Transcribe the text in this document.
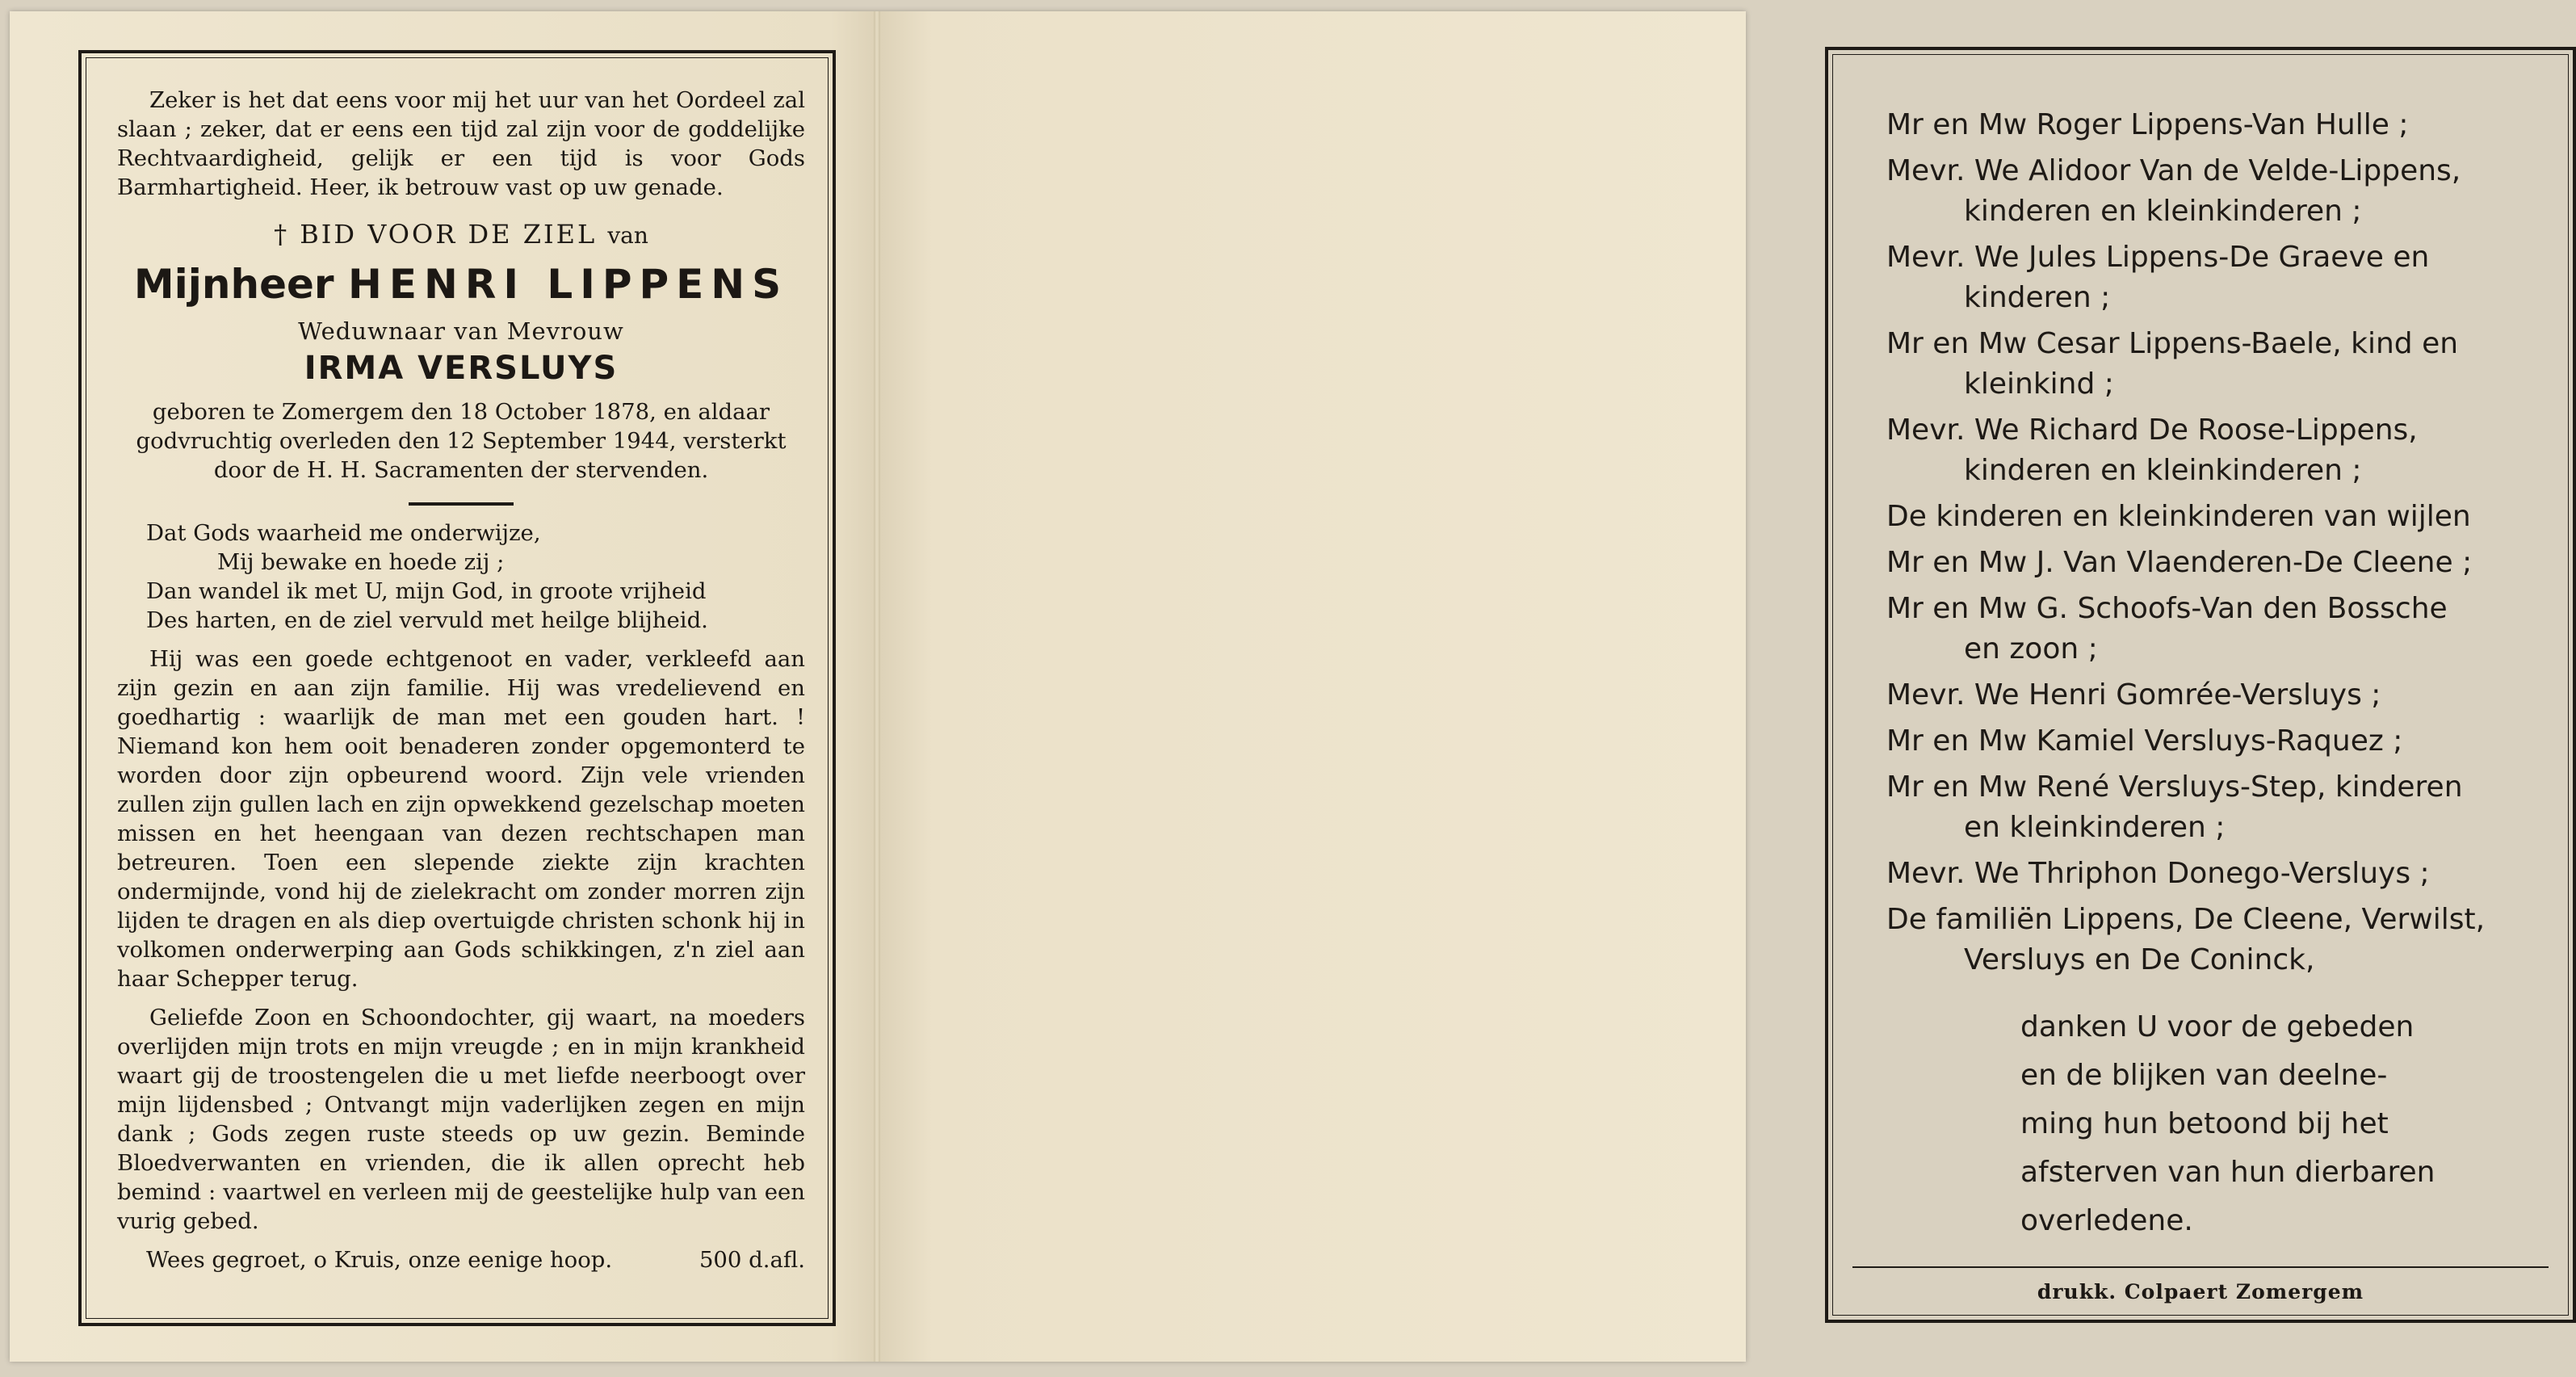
Zeker is het dat eens voor mij het uur van het Oordeel zal slaan ; zeker, dat er eens een tijd zal zijn voor de goddelijke Rechtvaardigheid, gelijk er een tijd is voor Gods Barmhartigheid. Heer, ik betrouw vast op uw genade.

† BID VOOR DE ZIEL van

Mijnheer HENRI LIPPENS

Weduwnaar van Mevrouw

IRMA VERSLUYS

geboren te Zomergem den 18 October 1878, en aldaar godvruchtig overleden den 12 September 1944, versterkt door de H. H. Sacramenten der stervenden.

Dat Gods waarheid me onderwijze,
Mij bewake en hoede zij ;
Dan wandel ik met U, mijn God, in groote vrijheid
Des harten, en de ziel vervuld met heilge blijheid.

Hij was een goede echtgenoot en vader, verkleefd aan zijn gezin en aan zijn familie. Hij was vredelievend en goedhartig : waarlijk de man met een gouden hart. ! Niemand kon hem ooit benaderen zonder opgemonterd te worden door zijn opbeurend woord. Zijn vele vrienden zullen zijn gullen lach en zijn opwekkend gezelschap moeten missen en het heengaan van dezen rechtschapen man betreuren. Toen een slepende ziekte zijn krachten ondermijnde, vond hij de zielekracht om zonder morren zijn lijden te dragen en als diep overtuigde christen schonk hij in volkomen onderwerping aan Gods schikkingen, z'n ziel aan haar Schepper terug.

Geliefde Zoon en Schoondochter, gij waart, na moeders overlijden mijn trots en mijn vreugde ; en in mijn krankheid waart gij de troostengelen die u met liefde neerboogt over mijn lijdensbed ; Ontvangt mijn vaderlijken zegen en mijn dank ; Gods zegen ruste steeds op uw gezin. Beminde Bloedverwanten en vrienden, die ik allen oprecht heb bemind : vaartwel en verleen mij de geestelijke hulp van een vurig gebed.

Wees gegroet, o Kruis, onze eenige hoop.	500 d.afl.
Mr en Mw Roger Lippens-Van Hulle ;
Mevr. We Alidoor Van de Velde-Lippens,
kinderen en kleinkinderen ;
Mevr. We Jules Lippens-De Graeve en
kinderen ;
Mr en Mw Cesar Lippens-Baele, kind en
kleinkind ;
Mevr. We Richard De Roose-Lippens,
kinderen en kleinkinderen ;
De kinderen en kleinkinderen van wijlen
Mr en Mw J. Van Vlaenderen-De Cleene ;
Mr en Mw G. Schoofs-Van den Bossche
en zoon ;
Mevr. We Henri Gomrée-Versluys ;
Mr en Mw Kamiel Versluys-Raquez ;
Mr en Mw René Versluys-Step, kinderen
en kleinkinderen ;
Mevr. We Thriphon Donego-Versluys ;
De familiën Lippens, De Cleene, Verwilst,
Versluys en De Coninck,
danken U voor de gebeden
en de blijken van deelne-
ming hun betoond bij het
afsterven van hun dierbaren
overledene.
drukk. Colpaert Zomergem
